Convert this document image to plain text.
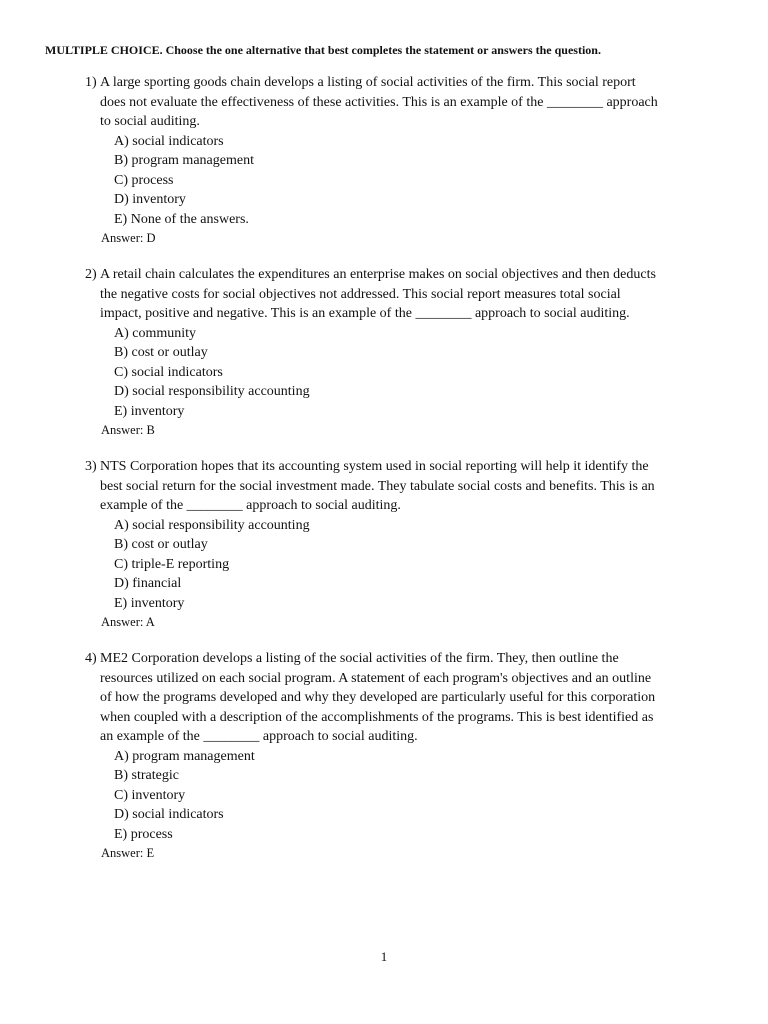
MULTIPLE CHOICE. Choose the one alternative that best completes the statement or answers the question.
1) A large sporting goods chain develops a listing of social activities of the firm. This social report
does not evaluate the effectiveness of these activities. This is an example of the ________ approach
to social auditing.
A) social indicators
B) program management
C) process
D) inventory
E) None of the answers.
Answer: D
2) A retail chain calculates the expenditures an enterprise makes on social objectives and then deducts
the negative costs for social objectives not addressed. This social report measures total social
impact, positive and negative. This is an example of the ________ approach to social auditing.
A) community
B) cost or outlay
C) social indicators
D) social responsibility accounting
E) inventory
Answer: B
3) NTS Corporation hopes that its accounting system used in social reporting will help it identify the
best social return for the social investment made. They tabulate social costs and benefits. This is an
example of the ________ approach to social auditing.
A) social responsibility accounting
B) cost or outlay
C) triple-E reporting
D) financial
E) inventory
Answer: A
4) ME2 Corporation develops a listing of the social activities of the firm. They, then outline the
resources utilized on each social program. A statement of each program's objectives and an outline
of how the programs developed and why they developed are particularly useful for this corporation
when coupled with a description of the accomplishments of the programs. This is best identified as
an example of the ________ approach to social auditing.
A) program management
B) strategic
C) inventory
D) social indicators
E) process
Answer: E
1
